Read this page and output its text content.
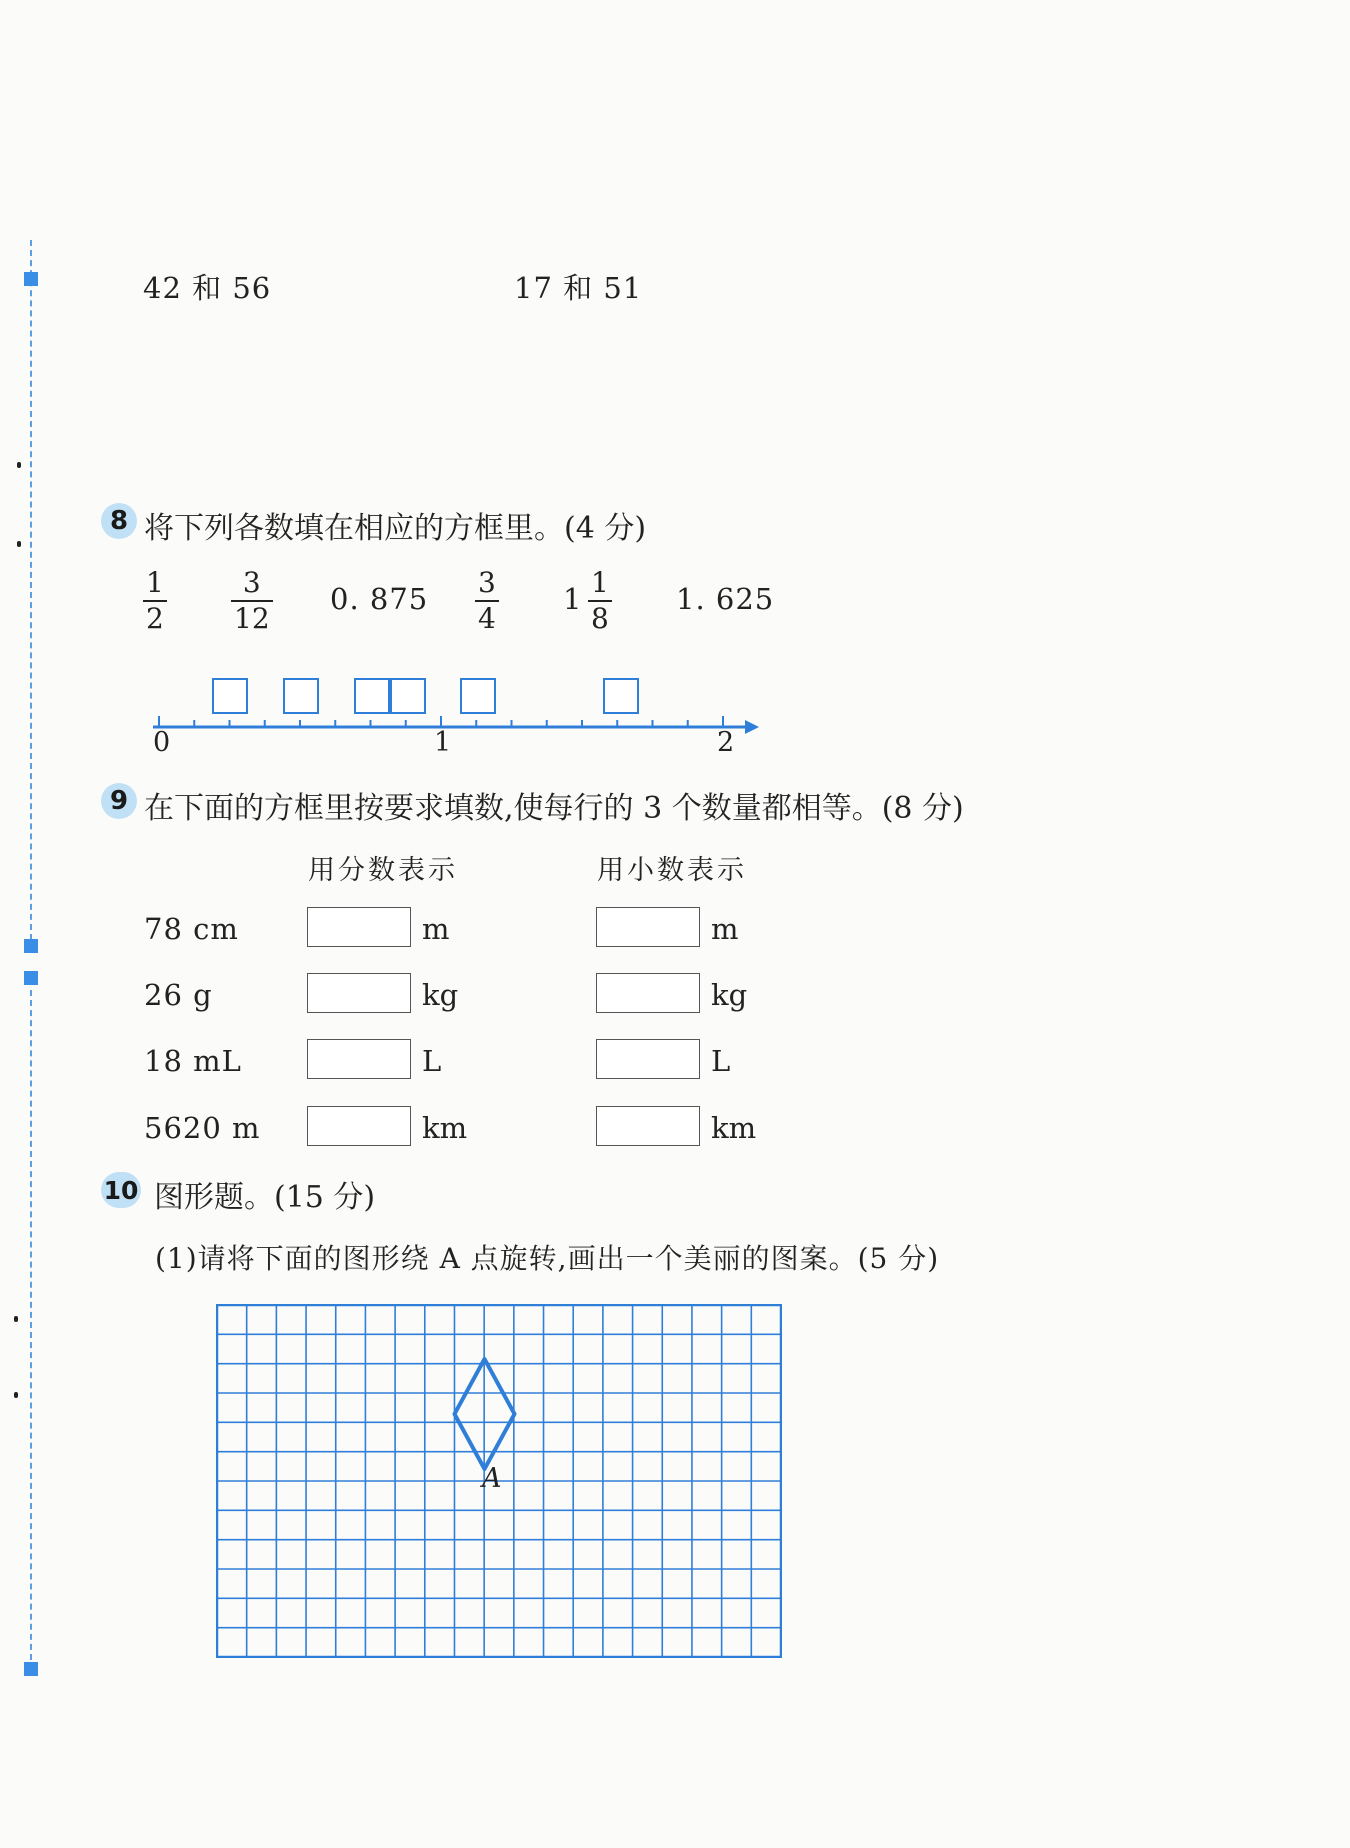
42 和 56	17 和 51
8 将下列各数填在相应的方框里。(4 分)
1
2
3
12
0. 875 3
4
1 1
8
1. 625
0	1	2
9 在下面的方框里按要求填数,使每行的 3 个数量都相等。(8 分)
用分数表示	用小数表示
78 cm	m	m
26 g	kg	kg
18 mL	L	L
5620 m	km	km
10 图形题。(15 分)
(1)请将下面的图形绕 A 点旋转,画出一个美丽的图案。(5 分)
A
